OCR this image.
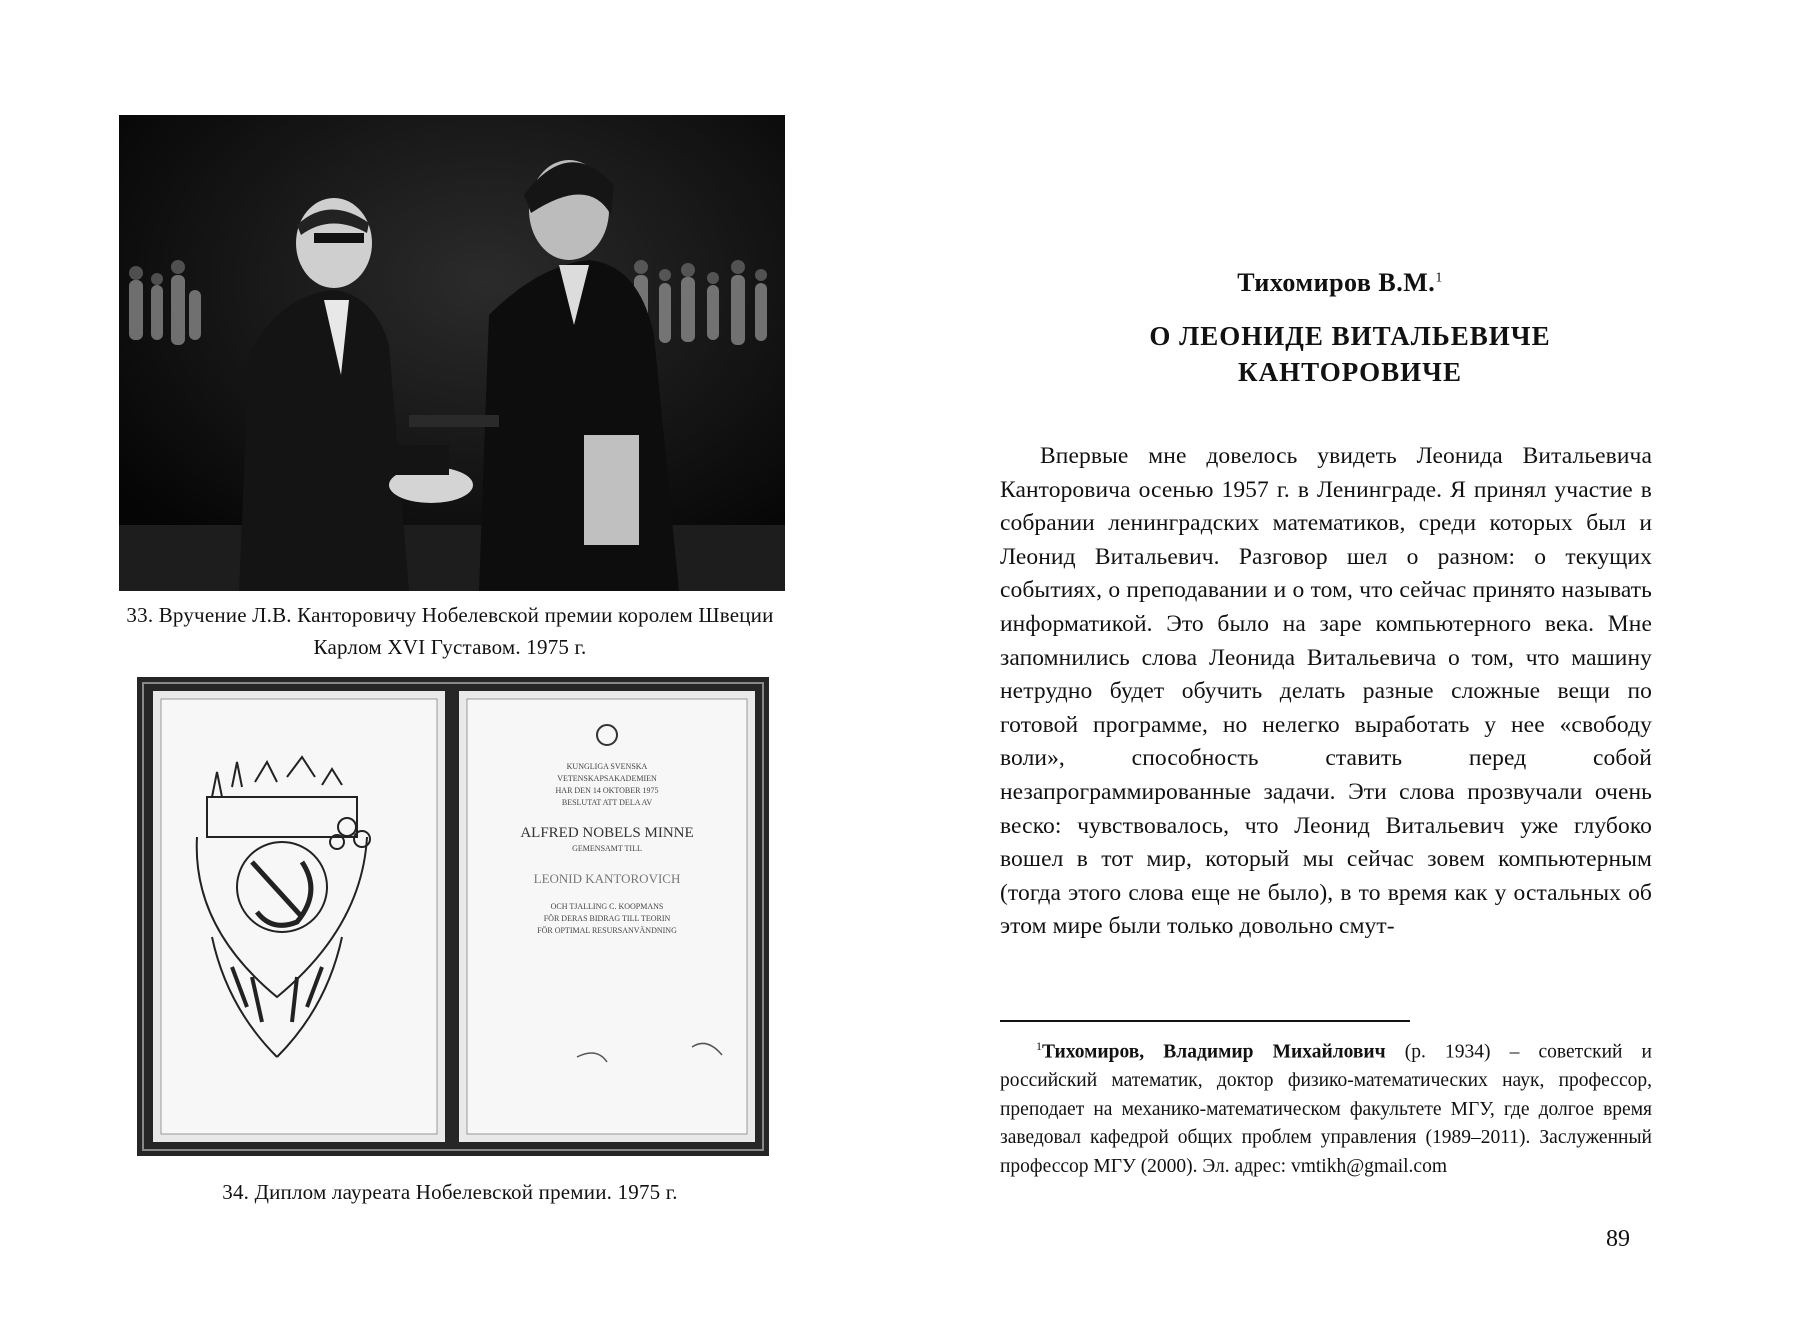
33. Вручение Л.В. Канторовичу Нобелевской премии королем Швеции Карлом XVI Густавом. 1975 г.
KUNGLIGA SVENSKA
VETENSKAPSAKADEMIEN
HAR DEN 14 OKTOBER 1975
BESLUTAT ATT DELA AV
ALFRED NOBELS MINNE
GEMENSAMT TILL
LEONID KANTOROVICH
OCH TJALLING C. KOOPMANS
FÖR DERAS BIDRAG TILL TEORIN
FÖR OPTIMAL RESURSANVÄNDNING
34. Диплом лауреата Нобелевской премии. 1975 г.
Тихомиров В.М.$^1$
О ЛЕОНИДЕ ВИТАЛЬЕВИЧЕ
КАНТОРОВИЧЕ
Впервые мне довелось увидеть Леонида Витальевича Канторовича осенью 1957 г. в Ленинграде. Я принял участие в собрании ленинградских математиков, среди которых был и Леонид Витальевич. Разговор шел о разном: о текущих событиях, о преподавании и о том, что сейчас принято называть информатикой. Это было на заре компьютерного века. Мне запомнились слова Леонида Витальевича о том, что машину нетрудно будет обучить делать разные сложные вещи по готовой программе, но нелегко выработать у нее «свободу воли», способность ставить перед собой незапрограммированные задачи. Эти слова прозвучали очень веско: чувствовалось, что Леонид Витальевич уже глубоко вошел в тот мир, который мы сейчас зовем компьютерным (тогда этого слова еще не было), в то время как у остальных об этом мире были только довольно смут-
$^1$Тихомиров, Владимир Михайлович (р. 1934) – советский и российский математик, доктор физико-математических наук, профессор, преподает на механико-математическом факультете МГУ, где долгое время заведовал кафедрой общих проблем управления (1989–2011). Заслуженный профессор МГУ (2000). Эл. адрес: vmtikh@gmail.com
89
